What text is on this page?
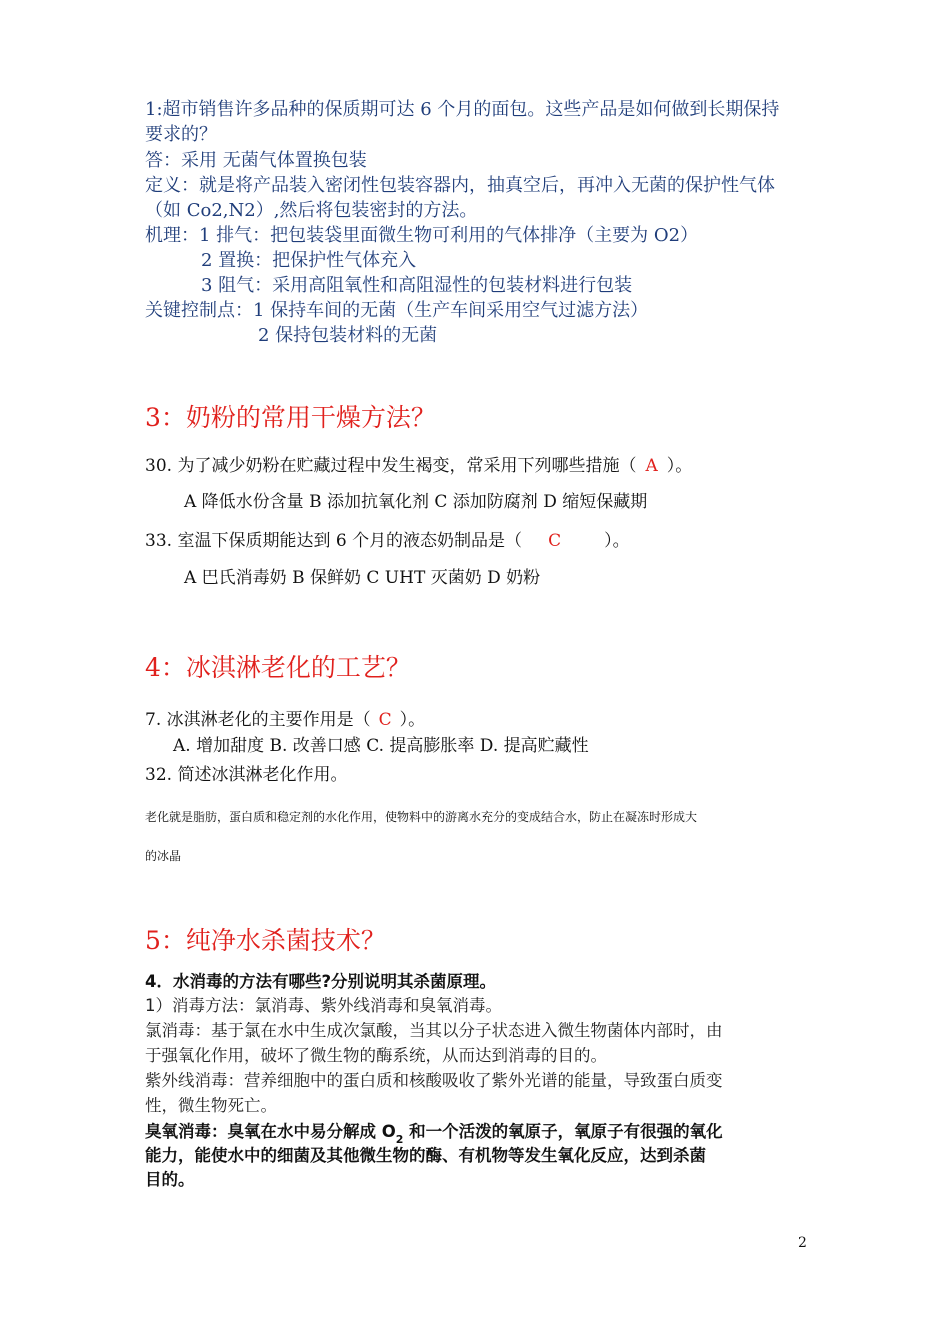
1:超市销售许多品种的保质期可达 6 个月的面包。这些产品是如何做到长期保持
要求的？
答：采用 无菌气体置换包装
定义：就是将产品装入密闭性包装容器内，抽真空后，再冲入无菌的保护性气体
（如 Co2,N2）,然后将包装密封的方法。
机理：1 排气：把包装袋里面微生物可利用的气体排净（主要为 O2）
2 置换：把保护性气体充入
3 阻气：采用高阻氧性和高阻湿性的包装材料进行包装
关键控制点：1 保持车间的无菌（生产车间采用空气过滤方法）
2 保持包装材料的无菌
3：奶粉的常用干燥方法？
30. 为了减少奶粉在贮藏过程中发生褐变，常采用下列哪些措施（ A ）。
A 降低水份含量 B 添加抗氧化剂 C 添加防腐剂 D 缩短保藏期
33. 室温下保质期能达到 6 个月的液态奶制品是（ C	）。
A 巴氏消毒奶 B 保鲜奶 C UHT 灭菌奶 D 奶粉
4：冰淇淋老化的工艺？
7. 冰淇淋老化的主要作用是（ C ）。
A. 增加甜度 B. 改善口感 C. 提高膨胀率 D. 提高贮藏性
32. 简述冰淇淋老化作用。
老化就是脂肪，蛋白质和稳定剂的水化作用，使物料中的游离水充分的变成结合水，防止在凝冻时形成大
的冰晶
5：纯净水杀菌技术？
4．水消毒的方法有哪些?分别说明其杀菌原理。
1）消毒方法：氯消毒、紫外线消毒和臭氧消毒。
氯消毒：基于氯在水中生成次氯酸，当其以分子状态进入微生物菌体内部时，由
于强氧化作用，破坏了微生物的酶系统，从而达到消毒的目的。
紫外线消毒：营养细胞中的蛋白质和核酸吸收了紫外光谱的能量，导致蛋白质变
性，微生物死亡。
臭氧消毒：臭氧在水中易分解成 $O_2$ 和一个活泼的氧原子，氧原子有很强的氧化
能力，能使水中的细菌及其他微生物的酶、有机物等发生氧化反应，达到杀菌
目的。
2
